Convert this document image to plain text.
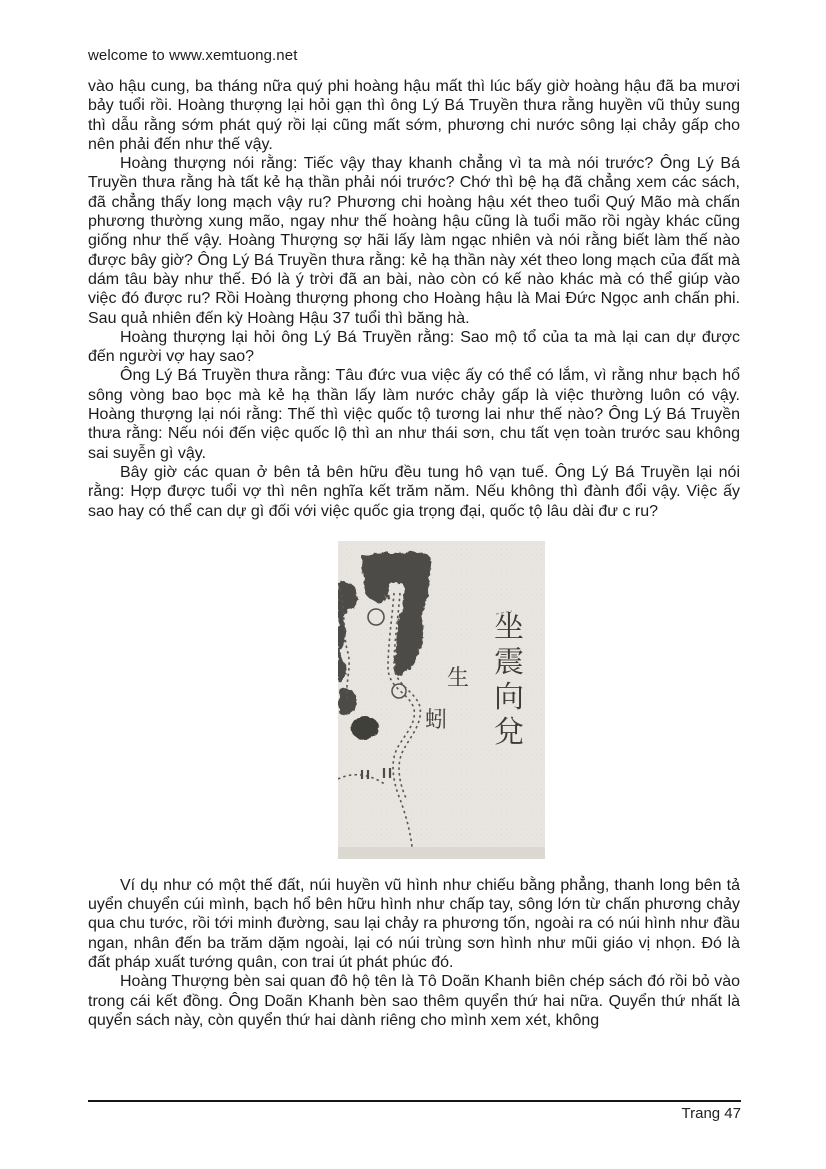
welcome to www.xemtuong.net

vào hậu cung, ba tháng nữa quý phi hoàng hậu mất thì lúc bấy giờ hoàng hậu đã ba mươi bảy tuổi rồi. Hoàng thượng lại hỏi gạn thì ông Lý Bá Truyền thưa rằng huyền vũ thủy sung thì dẫu rằng sớm phát quý rồi lại cũng mất sớm, phương chi nước sông lại chảy gấp cho nên phải đến như thế vậy.

Hoàng thượng nói rằng: Tiếc vậy thay khanh chẳng vì ta mà nói trước? Ông Lý Bá Truyền thưa rằng hà tất kẻ hạ thần phải nói trước? Chớ thì bệ hạ đã chẳng xem các sách, đã chẳng thấy long mạch vậy ru? Phương chi hoàng hậu xét theo tuổi Quý Mão mà chấn phương thường xung mão, ngay như thế hoàng hậu cũng là tuổi mão rồi ngày khác cũng giống như thế vậy. Hoàng Thượng sợ hãi lấy làm ngạc nhiên và nói rằng biết làm thế nào được bây giờ? Ông Lý Bá Truyền thưa rằng: kẻ hạ thần này xét theo long mạch của đất mà dám tâu bày như thế. Đó là ý trời đã an bài, nào còn có kế nào khác mà có thể giúp vào việc đó được ru? Rồi Hoàng thượng phong cho Hoàng hậu là Mai Đức Ngọc anh chấn phi. Sau quả nhiên đến kỳ Hoàng Hậu 37 tuổi thì băng hà.

Hoàng thượng lại hỏi ông Lý Bá Truyền rằng: Sao mộ tổ của ta mà lại can dự được đến người vợ hay sao?

Ông Lý Bá Truyền thưa rằng: Tâu đức vua việc ấy có thể có lắm, vì rằng như bạch hổ sông vòng bao bọc mà kẻ hạ thần lấy làm nước chảy gấp là việc thường luôn có vậy. Hoàng thượng lại nói rằng: Thế thì việc quốc tộ tương lai như thế nào? Ông Lý Bá Truyền thưa rằng: Nếu nói đến việc quốc lộ thì an như thái sơn, chu tất vẹn toàn trước sau không sai suyễn gì vậy.

Bây giờ các quan ở bên tả bên hữu đều tung hô vạn tuế. Ông Lý Bá Truyền lại nói rằng: Hợp được tuổi vợ thì nên nghĩa kết trăm năm. Nếu không thì đành đổi vậy. Việc ấy sao hay có thể can dự gì đối với việc quốc gia trọng đại, quốc tộ lâu dài đư c ru?

坐
震
向
兌
生
蚓

Ví dụ như có một thế đất, núi huyền vũ hình như chiếu bằng phẳng, thanh long bên tả uyển chuyển cúi mình, bạch hổ bên hữu hình như chấp tay, sông lớn từ chấn phương chảy qua chu tước, rồi tới minh đường, sau lại chảy ra phương tốn, ngoài ra có núi hình như đầu ngan, nhân đến ba trăm dặm ngoài, lại có núi trùng sơn hình như mũi giáo vị nhọn. Đó là đất pháp xuất tướng quân, con trai út phát phúc đó.

Hoàng Thượng bèn sai quan đô hộ tên là Tô Doãn Khanh biên chép sách đó rồi bỏ vào trong cái kết đồng. Ông Doãn Khanh bèn sao thêm quyển thứ hai nữa. Quyển thứ nhất là quyển sách này, còn quyển thứ hai dành riêng cho mình xem xét, không

Trang 47
